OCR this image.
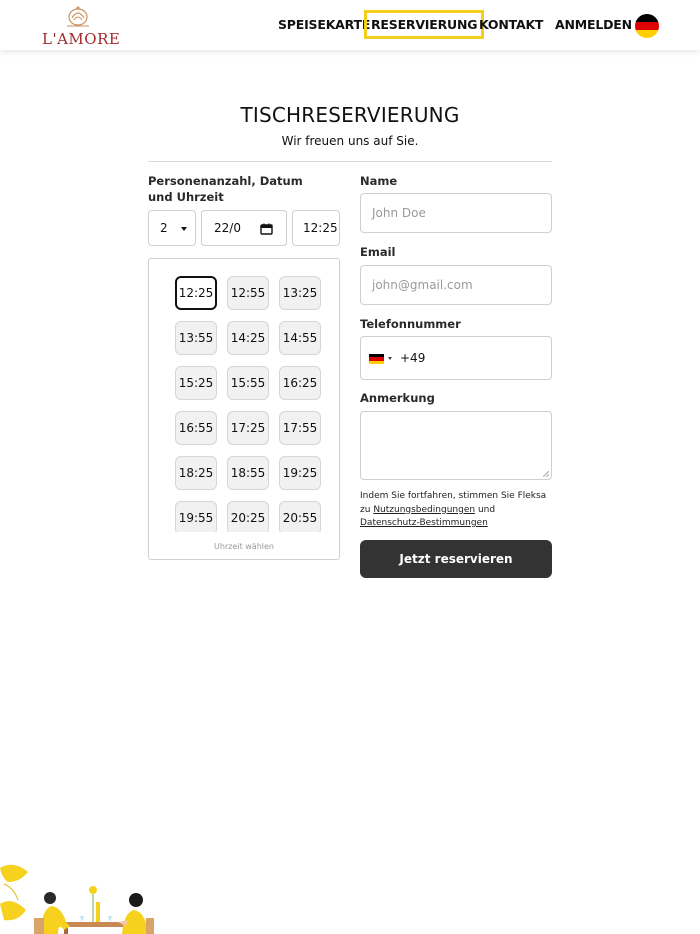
L'AMORE
SPEISEKARTE RESERVIERUNG KONTAKT ANMELDEN
TISCHRESERVIERUNG
Wir freuen uns auf Sie.
Personenanzahl, Datum und Uhrzeit
2	22/0	12:25
12:25	12:55	13:25
13:55	14:25	14:55
15:25	15:55	16:25
16:55	17:25	17:55
18:25	18:55	19:25
19:55	20:25	20:55
Uhrzeit wählen
Name
John Doe
Email
john@gmail.com
Telefonnummer
+49
Anmerkung
Indem Sie fortfahren, stimmen Sie Fleksa zu Nutzungsbedingungen und Datenschutz-Bestimmungen
Jetzt reservieren
